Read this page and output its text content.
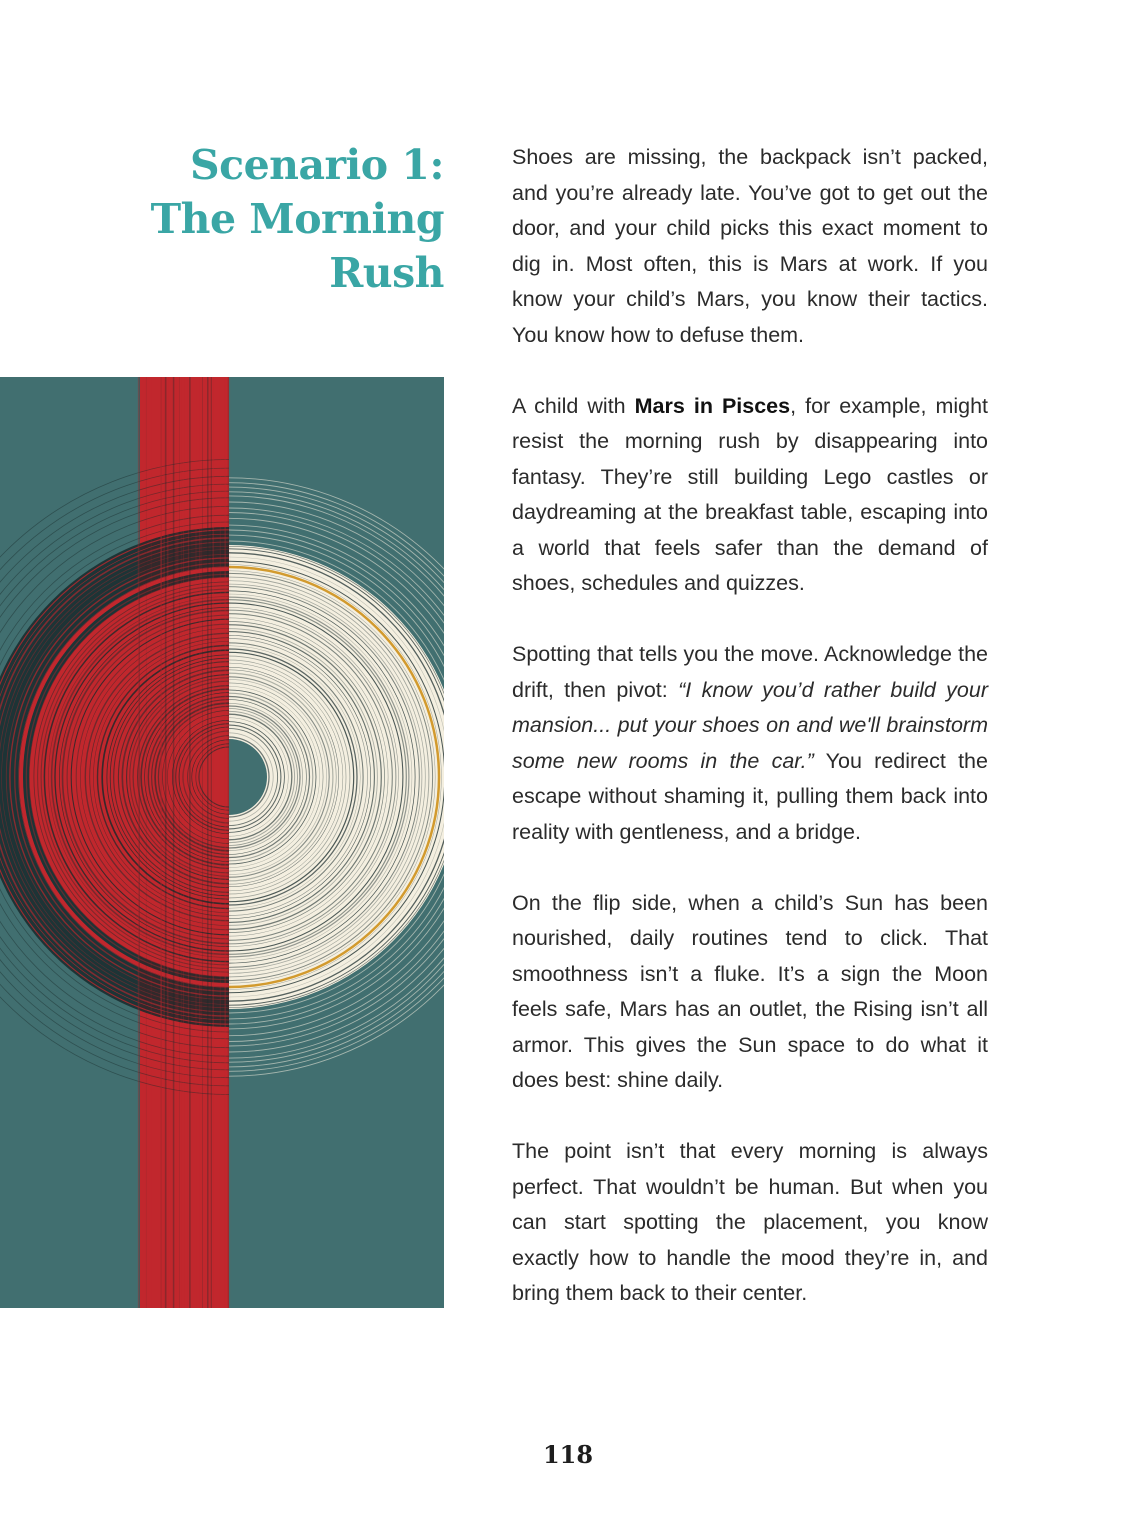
Scenario 1:
The Morning
Rush

Shoes are missing, the backpack isn’t packed, and you’re already late. You’ve got to get out the door, and your child picks this exact moment to dig in. Most often, this is Mars at work. If you know your child’s Mars, you know their tactics. You know how to defuse them.

A child with Mars in Pisces, for example, might resist the morning rush by disappearing into fantasy. They’re still building Lego castles or daydreaming at the breakfast table, escaping into a world that feels safer than the demand of shoes, schedules and quizzes.

Spotting that tells you the move. Acknowledge the drift, then pivot: “I know you’d rather build your mansion... put your shoes on and we'll brainstorm some new rooms in the car.” You redirect the escape without shaming it, pulling them back into reality with gentleness, and a bridge.

On the flip side, when a child’s Sun has been nourished, daily routines tend to click. That smoothness isn’t a fluke. It’s a sign the Moon feels safe, Mars has an outlet, the Rising isn’t all armor. This gives the Sun space to do what it does best: shine daily.

The point isn’t that every morning is always perfect. That wouldn’t be human. But when you can start spotting the placement, you know exactly how to handle the mood they’re in, and bring them back to their center.

118
